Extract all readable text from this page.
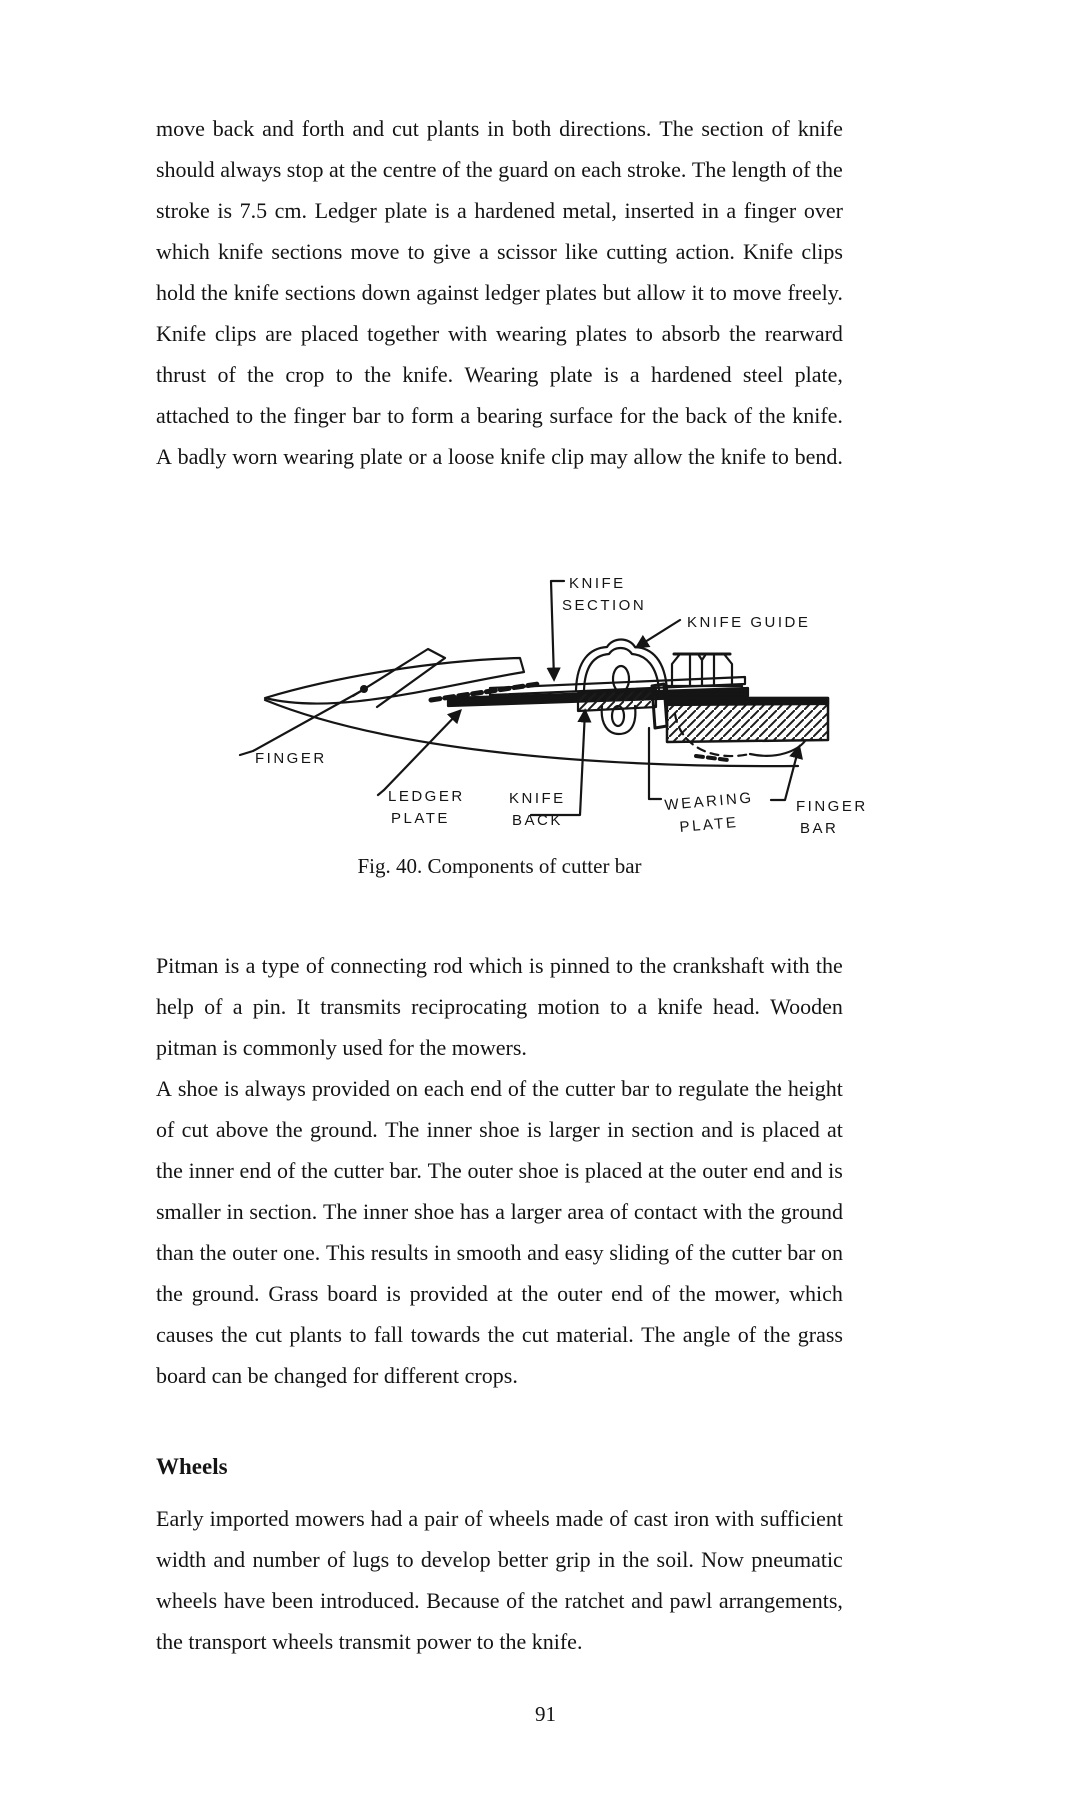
move back and forth and cut plants in both directions. The section of knife
should always stop at the centre of the guard on each stroke. The length of the
stroke is 7.5 cm. Ledger plate is a hardened metal, inserted in a finger over
which knife sections move to give a scissor like cutting action. Knife clips
hold the knife sections down against ledger plates but allow it to move freely.
Knife clips are placed together with wearing plates to absorb the rearward
thrust of the crop to the knife. Wearing plate is a hardened steel plate,
attached to the finger bar to form a bearing surface for the back of the knife.
A badly worn wearing plate or a loose knife clip may allow the knife to bend.
KNIFE
SECTION
KNIFE GUIDE
FINGER
LEDGER
PLATE
KNIFE
BACK
WEARING
PLATE
FINGER
BAR
Fig. 40. Components of cutter bar
Pitman is a type of connecting rod which is pinned to the crankshaft with the
help of a pin. It transmits reciprocating motion to a knife head. Wooden
pitman is commonly used for the mowers.
A shoe is always provided on each end of the cutter bar to regulate the height
of cut above the ground. The inner shoe is larger in section and is placed at
the inner end of the cutter bar. The outer shoe is placed at the outer end and is
smaller in section. The inner shoe has a larger area of contact with the ground
than the outer one. This results in smooth and easy sliding of the cutter bar on
the ground. Grass board is provided at the outer end of the mower, which
causes the cut plants to fall towards the cut material. The angle of the grass
board can be changed for different crops.
Wheels
Early imported mowers had a pair of wheels made of cast iron with sufficient
width and number of lugs to develop better grip in the soil. Now pneumatic
wheels have been introduced. Because of the ratchet and pawl arrangements,
the transport wheels transmit power to the knife.
91
